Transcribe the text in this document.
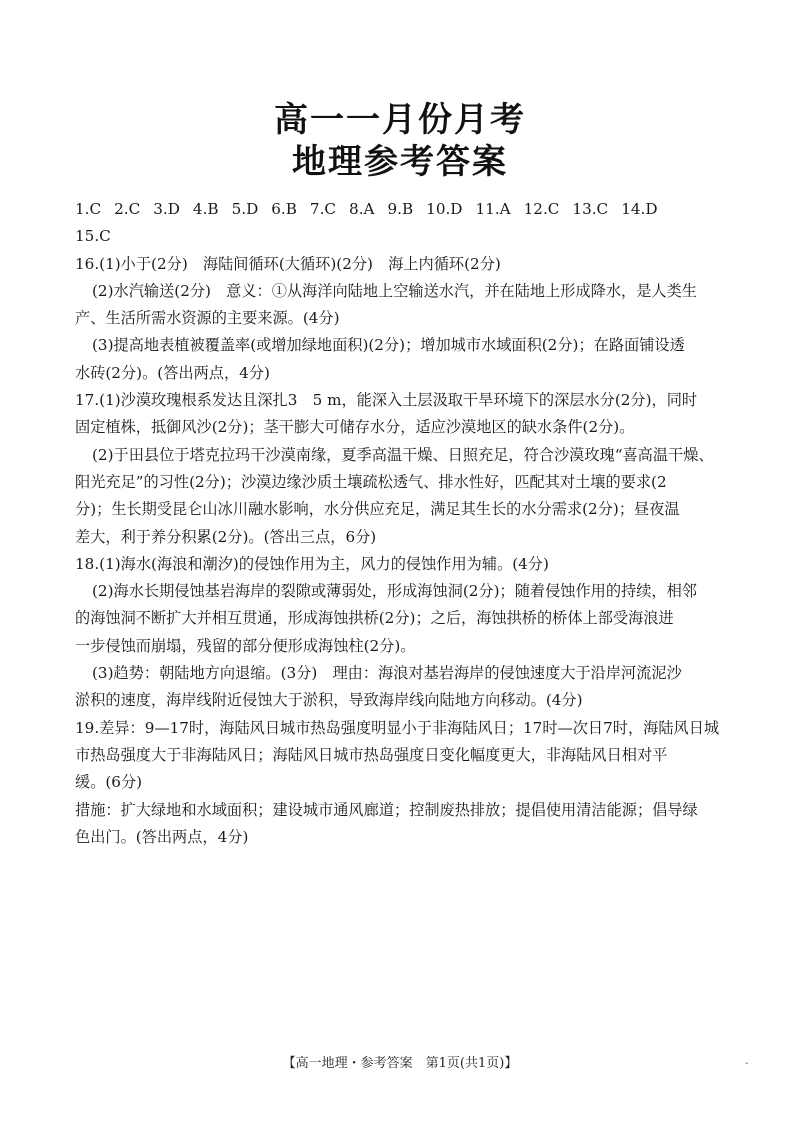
高一一月份月考
地理参考答案
1.C 2.C 3.D 4.B 5.D 6.B 7.C 8.A 9.B 10.D 11.A 12.C 13.C 14.D
15.C
16.(1)小于(2分)　海陆间循环(大循环)(2分)　海上内循环(2分)
(2)水汽输送(2分)　意义：①从海洋向陆地上空输送水汽，并在陆地上形成降水，是人类生
产、生活所需水资源的主要来源。(4分)
(3)提高地表植被覆盖率(或增加绿地面积)(2分)；增加城市水域面积(2分)；在路面铺设透
水砖(2分)。(答出两点，4分)
17.(1)沙漠玫瑰根系发达且深扎3　5 m，能深入土层汲取干旱环境下的深层水分(2分)，同时
固定植株，抵御风沙(2分)；茎干膨大可储存水分，适应沙漠地区的缺水条件(2分)。
(2)于田县位于塔克拉玛干沙漠南缘，夏季高温干燥、日照充足，符合沙漠玫瑰“喜高温干燥、
阳光充足”的习性(2分)；沙漠边缘沙质土壤疏松透气、排水性好，匹配其对土壤的要求(2
分)；生长期受昆仑山冰川融水影响，水分供应充足，满足其生长的水分需求(2分)；昼夜温
差大，利于养分积累(2分)。(答出三点，6分)
18.(1)海水(海浪和潮汐)的侵蚀作用为主，风力的侵蚀作用为辅。(4分)
(2)海水长期侵蚀基岩海岸的裂隙或薄弱处，形成海蚀洞(2分)；随着侵蚀作用的持续，相邻
的海蚀洞不断扩大并相互贯通，形成海蚀拱桥(2分)；之后，海蚀拱桥的桥体上部受海浪进
一步侵蚀而崩塌，残留的部分便形成海蚀柱(2分)。
(3)趋势：朝陆地方向退缩。(3分)　理由：海浪对基岩海岸的侵蚀速度大于沿岸河流泥沙
淤积的速度，海岸线附近侵蚀大于淤积，导致海岸线向陆地方向移动。(4分)
19.差异：9—17时，海陆风日城市热岛强度明显小于非海陆风日；17时—次日7时，海陆风日城
市热岛强度大于非海陆风日；海陆风日城市热岛强度日变化幅度更大，非海陆风日相对平
缓。(6分)
措施：扩大绿地和水域面积；建设城市通风廊道；控制废热排放；提倡使用清洁能源；倡导绿
色出门。(答出两点，4分)
【高一地理・参考答案　第1页(共1页)】	  -
